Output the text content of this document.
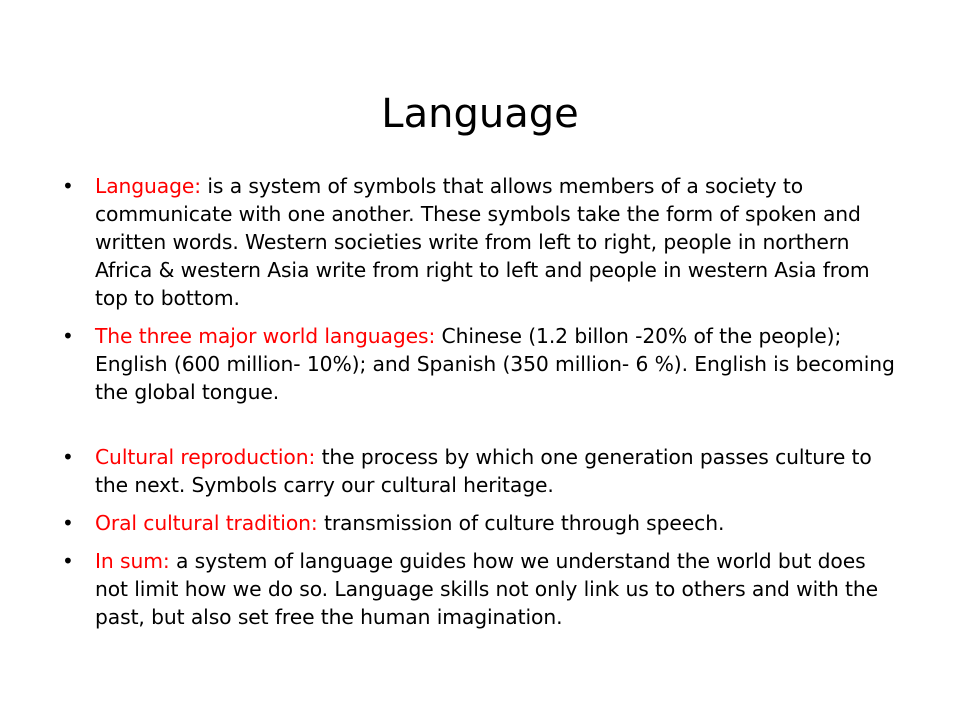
Language
• Language: is a system of symbols that allows members of a society to communicate with one another. These symbols take the form of spoken and written words. Western societies write from left to right, people in northern Africa & western Asia write from right to left and people in western Asia from top to bottom.
• The three major world languages: Chinese (1.2 billon -20% of the people); English (600 million- 10%); and Spanish (350 million- 6 %). English is becoming the global tongue.
• Cultural reproduction: the process by which one generation passes culture to the next. Symbols carry our cultural heritage.
• Oral cultural tradition: transmission of culture through speech.
• In sum: a system of language guides how we understand the world but does not limit how we do so. Language skills not only link us to others and with the past, but also set free the human imagination.
